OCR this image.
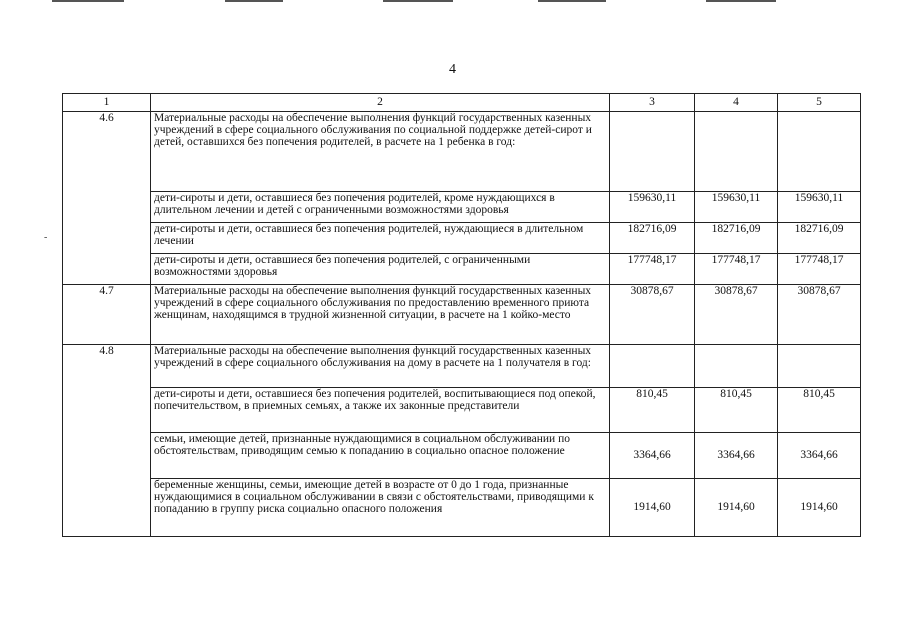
-
4
1	2	3	4	5
4.6	Материальные расходы на обеспечение выполнения функций государственных казенных учреждений в сфере социального обслуживания по социальной поддержке детей-сирот и детей, оставшихся без попечения родителей, в расчете на 1 ребенка в год:			
	дети-сироты и дети, оставшиеся без попечения родителей, кроме нуждающихся в длительном лечении и детей с ограниченными возможностями здоровья	159630,11	159630,11	159630,11
	дети-сироты и дети, оставшиеся без попечения родителей, нуждающиеся в длительном лечении	182716,09	182716,09	182716,09
	дети-сироты и дети, оставшиеся без попечения родителей, с ограниченными возможностями здоровья	177748,17	177748,17	177748,17
4.7	Материальные расходы на обеспечение выполнения функций государственных казенных учреждений в сфере социального обслуживания по предоставлению временного приюта женщинам, находящимся в трудной жизненной ситуации, в расчете на 1 койко-место	30878,67	30878,67	30878,67
4.8	Материальные расходы на обеспечение выполнения функций государственных казенных учреждений в сфере социального обслуживания на дому в расчете на 1 получателя в год:			
	дети-сироты и дети, оставшиеся без попечения родителей, воспитывающиеся под опекой, попечительством, в приемных семьях, а также их законные представители	810,45	810,45	810,45
	семьи, имеющие детей, признанные нуждающимися в социальном обслуживании по обстоятельствам, приводящим семью к попаданию в социально опасное положение	3364,66	3364,66	3364,66
	беременные женщины, семьи, имеющие детей в возрасте от 0 до 1 года, признанные нуждающимися в социальном обслуживании в связи с обстоятельствами, приводящими к попаданию в группу риска социально опасного положения	1914,60	1914,60	1914,60
